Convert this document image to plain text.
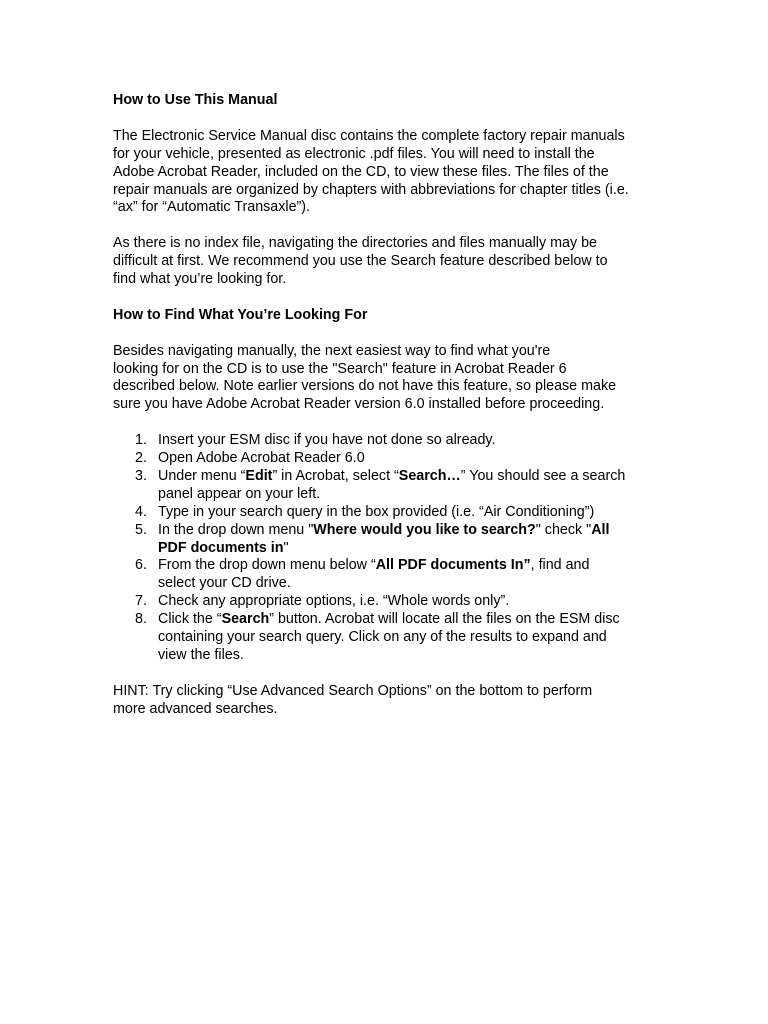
How to Use This Manual

The Electronic Service Manual disc contains the complete factory repair manuals
for your vehicle, presented as electronic .pdf files. You will need to install the
Adobe Acrobat Reader, included on the CD, to view these files. The files of the
repair manuals are organized by chapters with abbreviations for chapter titles (i.e.
“ax” for “Automatic Transaxle”).

As there is no index file, navigating the directories and files manually may be
difficult at first. We recommend you use the Search feature described below to
find what you’re looking for.

How to Find What You’re Looking For

Besides navigating manually, the next easiest way to find what you're
looking for on the CD is to use the "Search" feature in Acrobat Reader 6
described below. Note earlier versions do not have this feature, so please make
sure you have Adobe Acrobat Reader version 6.0 installed before proceeding.

1. Insert your ESM disc if you have not done so already.
2. Open Adobe Acrobat Reader 6.0
3. Under menu “Edit” in Acrobat, select “Search…” You should see a search
panel appear on your left.
4. Type in your search query in the box provided (i.e. “Air Conditioning”)
5. In the drop down menu "Where would you like to search?" check "All
PDF documents in"
6. From the drop down menu below “All PDF documents In”, find and
select your CD drive.
7. Check any appropriate options, i.e. “Whole words only”.
8. Click the “Search” button. Acrobat will locate all the files on the ESM disc
containing your search query. Click on any of the results to expand and
view the files.

HINT: Try clicking “Use Advanced Search Options” on the bottom to perform
more advanced searches.
